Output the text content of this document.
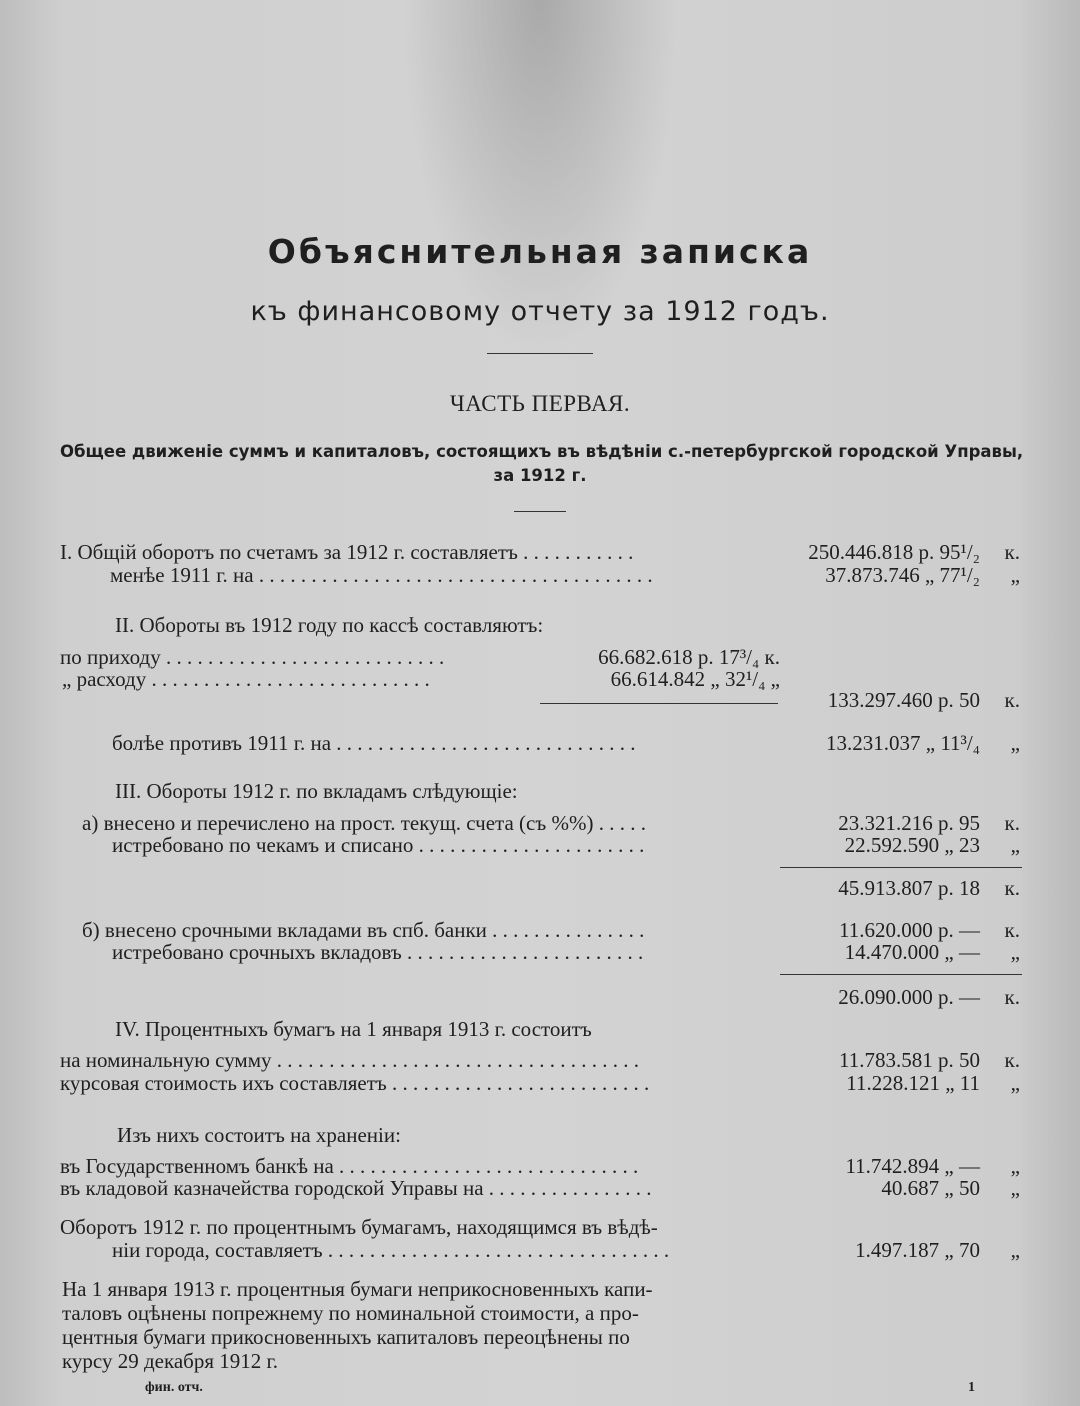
Объяснительная записка
къ финансовому отчету за 1912 годъ.
ЧАСТЬ ПЕРВАЯ.
Общее движеніе суммъ и капиталовъ, состоящихъ въ вѣдѣніи с.-петербургской городской Управы,
за 1912 г.
I. Общій оборотъ по счетамъ за 1912 г. составляетъ . . . . . . . . . . .	250.446.818 р. 95¹/₂	к.
менѣе 1911 г. на . . . . . . . . . . . . . . . . . . . . . . . . . . . . . . . . . . . . . .	37.873.746 „ 77¹/₂	„
II. Обороты въ 1912 году по кассѣ составляютъ:
по приходу . . . . . . . . . . . . . . . . . . . . . . . . . . .	66.682.618 р. 17³/₄ к.
„ расходу . . . . . . . . . . . . . . . . . . . . . . . . . . .	66.614.842 „ 32¹/₄ „
133.297.460 р. 50	к.
болѣе противъ 1911 г. на . . . . . . . . . . . . . . . . . . . . . . . . . . . . .	13.231.037 „ 11³/₄	„
III. Обороты 1912 г. по вкладамъ слѣдующіе:
а) внесено и перечислено на прост. текущ. счета (съ %%) . . . . .	23.321.216 р. 95	к.
истребовано по чекамъ и списано . . . . . . . . . . . . . . . . . . . . . .	22.592.590 „ 23	„
45.913.807 р. 18	к.
б) внесено срочными вкладами въ спб. банки . . . . . . . . . . . . . . .	11.620.000 р. —	к.
истребовано срочныхъ вкладовъ . . . . . . . . . . . . . . . . . . . . . . .	14.470.000 „ —	„
26.090.000 р. —	к.
IV. Процентныхъ бумагъ на 1 января 1913 г. состоитъ
на номинальную сумму . . . . . . . . . . . . . . . . . . . . . . . . . . . . . . . . . . .	11.783.581 р. 50	к.
курсовая стоимость ихъ составляетъ . . . . . . . . . . . . . . . . . . . . . . . . .	11.228.121 „ 11	„
Изъ нихъ состоитъ на храненіи:
въ Государственномъ банкѣ на . . . . . . . . . . . . . . . . . . . . . . . . . . . . .	11.742.894 „ —	„
въ кладовой казначейства городской Управы на . . . . . . . . . . . . . . . .	40.687 „ 50	„
Оборотъ 1912 г. по процентнымъ бумагамъ, находящимся въ вѣдѣ-
ніи города, составляетъ . . . . . . . . . . . . . . . . . . . . . . . . . . . . . . . . .	1.497.187 „ 70	„
На 1 января 1913 г. процентныя бумаги неприкосновенныхъ капи-
таловъ оцѣнены попрежнему по номинальной стоимости, а про-
центныя бумаги прикосновенныхъ капиталовъ переоцѣнены по
курсу 29 декабря 1912 г.
фин. отч.	1
